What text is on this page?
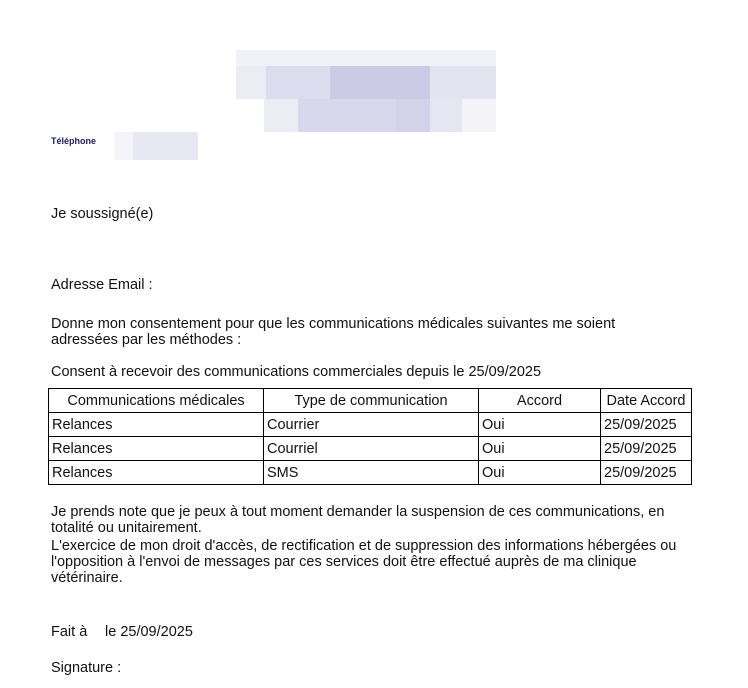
Téléphone
Je soussigné(e)
Adresse Email :
Donne mon consentement pour que les communications médicales suivantes me soient adressées par les méthodes :
Consent à recevoir des communications commerciales depuis le 25/09/2025
Communications médicales	Type de communication	Accord	Date Accord
Relances	Courrier	Oui	25/09/2025
Relances	Courriel	Oui	25/09/2025
Relances	SMS	Oui	25/09/2025
Je prends note que je peux à tout moment demander la suspension de ces communications, en totalité ou unitairement.
L'exercice de mon droit d'accès, de rectification et de suppression des informations hébergées ou l'opposition à l'envoi de messages par ces services doit être effectué auprès de ma clinique vétérinaire.
Fait à le 25/09/2025
Signature :
